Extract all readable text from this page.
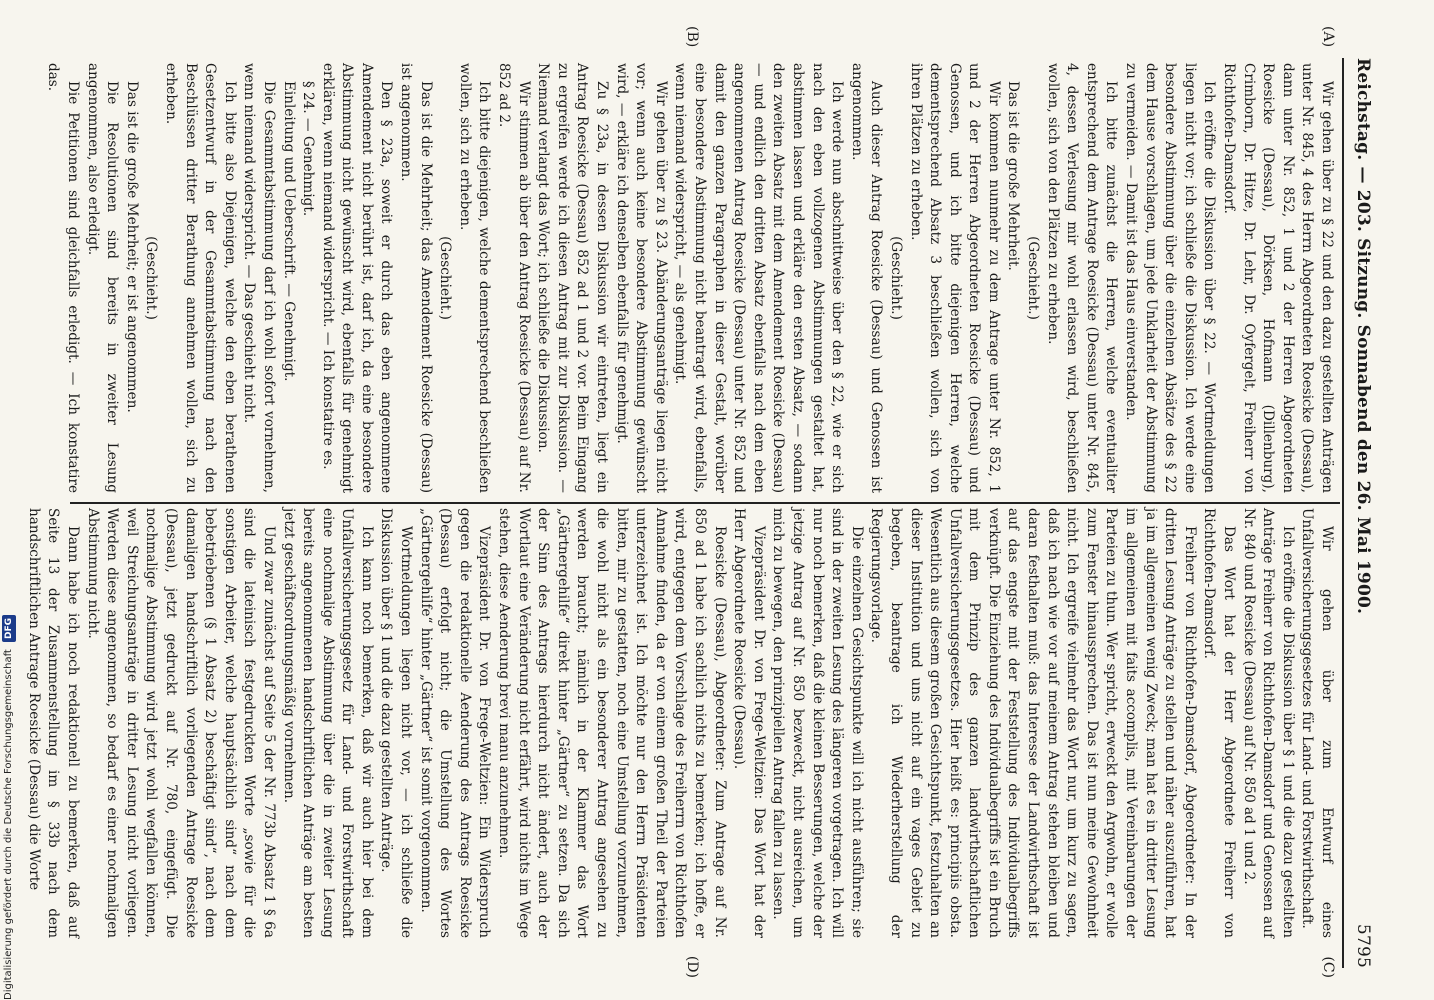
Reichstag. — 203. Sitzung. Sonnabend den 26. Mai 1900.
5795
(A)
(B)
(C)
(D)

Wir gehen über zu § 22 und den dazu gestellten Anträgen unter Nr. 845, 4 des Herrn Abgeordneten Roesicke (Dessau), dann unter Nr. 852, 1 und 2 der Herren Abgeordneten Roesicke (Dessau), Dörksen, Hofmann (Dillenburg), Crimborn, Dr. Hitze, Dr. Lehr, Dr. Oyfergelt, Freiherr von Richthofen-Damsdorf.

Ich eröffne die Diskussion über § 22. — Wortmeldungen liegen nicht vor; ich schließe die Diskussion. Ich werde eine besondere Abstimmung über die einzelnen Absätze des § 22 dem Hause vorschlagen, um jede Unklarheit der Abstimmung zu vermeiden. — Damit ist das Haus einverstanden.

Ich bitte zunächst die Herren, welche eventualiter entsprechend dem Antrage Roesicke (Dessau) unter Nr. 845, 4, dessen Verlesung mir wohl erlassen wird, beschließen wollen, sich von den Plätzen zu erheben.

(Geschieht.)

Das ist die große Mehrheit.

Wir kommen nunmehr zu dem Antrage unter Nr. 852, 1 und 2 der Herren Abgeordneten Roesicke (Dessau) und Genossen, und ich bitte diejenigen Herren, welche dementsprechend Absatz 3 beschließen wollen, sich von ihren Plätzen zu erheben.

(Geschieht.)

Auch dieser Antrag Roesicke (Dessau) und Genossen ist angenommen.

Ich werde nun abschnittweise über den § 22, wie er sich nach den eben vollzogenen Abstimmungen gestaltet hat, abstimmen lassen und erkläre den ersten Absatz, — sodann den zweiten Absatz mit dem Amendement Roesicke (Dessau) — und endlich den dritten Absatz ebenfalls nach dem eben angenommenen Antrag Roesicke (Dessau) unter Nr. 852 und damit den ganzen Paragraphen in dieser Gestalt, worüber eine besondere Abstimmung nicht beantragt wird, ebenfalls, wenn niemand widerspricht, — als genehmigt.

Wir gehen über zu § 23. Abänderungsanträge liegen nicht vor; wenn auch keine besondere Abstimmung gewünscht wird, — erkläre ich denselben ebenfalls für genehmigt.

Zu § 23a, in dessen Diskussion wir eintreten, liegt ein Antrag Roesicke (Dessau) 852 ad 1 und 2 vor. Beim Eingang zu ergreifen werde ich diesen Antrag mit zur Diskussion. — Niemand verlangt das Wort; ich schließe die Diskussion.

Wir stimmen ab über den Antrag Roesicke (Dessau) auf Nr. 852 ad 2.

Ich bitte diejenigen, welche dementsprechend beschließen wollen, sich zu erheben.

(Geschieht.)

Das ist die Mehrheit; das Amendement Roesicke (Dessau) ist angenommen.

Den § 23a, soweit er durch das eben angenommene Amendement nicht berührt ist, darf ich, da eine besondere Abstimmung nicht gewünscht wird, ebenfalls für genehmigt erklären, wenn niemand widerspricht. — Ich konstatire es.

§ 24. — Genehmigt.

Einleitung und Ueberschrift. — Genehmigt.

Die Gesammtabstimmung darf ich wohl sofort vornehmen, wenn niemand widerspricht. — Das geschieht nicht.

Ich bitte also Diejenigen, welche den eben berathenen Gesetzentwurf in der Gesammtabstimmung nach den Beschlüssen dritter Berathung annehmen wollen, sich zu erheben.

(Geschieht.)

Das ist die große Mehrheit; er ist angenommen.

Die Resolutionen sind bereits in zweiter Lesung angenommen, also erledigt.

Die Petitionen sind gleichfalls erledigt. — Ich konstatire das.

Wir gehen über zum Entwurf eines Unfallversicherungsgesetzes für Land- und Forstwirthschaft.

Ich eröffne die Diskussion über § 1 und die dazu gestellten Anträge Freiherr von Richthofen-Damsdorf und Genossen auf Nr. 840 und Roesicke (Dessau) auf Nr. 850 ad 1 und 2.

Das Wort hat der Herr Abgeordnete Freiherr von Richthofen-Damsdorf.

Freiherr von Richthofen-Damsdorf, Abgeordneter: In der dritten Lesung Anträge zu stellen und näher auszuführen, hat ja im allgemeinen wenig Zweck; man hat es in dritter Lesung im allgemeinen mit faits accomplis, mit Vereinbarungen der Parteien zu thun. Wer spricht, erweckt den Argwohn, er wolle zum Fenster hinaussprechen. Das ist nun meine Gewohnheit nicht. Ich ergreife vielmehr das Wort nur, um kurz zu sagen, daß ich nach wie vor auf meinem Antrag stehen bleiben und daran festhalten muß: das Interesse der Landwirthschaft ist auf das engste mit der Feststellung des Individualbegriffs verknüpft. Die Einziehung des Individualbegriffs ist ein Bruch mit dem Prinzip des ganzen landwirthschaftlichen Unfallversicherungsgesetzes. Hier heißt es: principiis obsta. Wesentlich aus diesem großen Gesichtspunkt, festzuhalten an dieser Institution und uns nicht auf ein vages Gebiet zu begeben, beantrage ich Wiederherstellung der Regierungsvorlage.

Die einzelnen Gesichtspunkte will ich nicht ausführen; sie sind in der zweiten Lesung des längeren vorgetragen. Ich will nur noch bemerken, daß die kleinen Besserungen, welche der jetzige Antrag auf Nr. 850 bezweckt, nicht ausreichen, um mich zu bewegen, den prinzipiellen Antrag fallen zu lassen.

Vizepräsident Dr. von Frege-Weltzien: Das Wort hat der Herr Abgeordnete Roesicke (Dessau).

Roesicke (Dessau), Abgeordneter: Zum Antrage auf Nr. 850 ad 1 habe ich sachlich nichts zu bemerken; ich hoffe, er wird, entgegen dem Vorschlage des Freiherrn von Richthofen Annahme finden, da er von einem großen Theil der Parteien unterzeichnet ist. Ich möchte nur den Herrn Präsidenten bitten, mir zu gestatten, noch eine Umstellung vorzunehmen, die wohl nicht als ein besonderer Antrag angesehen zu werden braucht; nämlich in der Klammer das Wort „Gärtnergehilfe“ direkt hinter „Gärtner“ zu setzen. Da sich der Sinn des Antrags hierdurch nicht ändert, auch der Wortlaut eine Veränderung nicht erfährt, wird nichts im Wege stehen, diese Aenderung brevi manu anzunehmen.

Vizepräsident Dr. von Frege-Weltzien: Ein Widerspruch gegen die redaktionelle Aenderung des Antrags Roesicke (Dessau) erfolgt nicht; die Umstellung des Wortes „Gärtnergehilfe“ hinter „Gärtner“ ist somit vorgenommen.

Wortmeldungen liegen nicht vor, — ich schließe die Diskussion über § 1 und die dazu gestellten Anträge.

Ich kann noch bemerken, daß wir auch hier bei dem Unfallversicherungsgesetz für Land- und Forstwirthschaft eine nochmalige Abstimmung über die in zweiter Lesung bereits angenommenen handschriftlichen Anträge am besten jetzt geschäftsordnungsmäßig vornehmen.

Und zwar zunächst auf Seite 5 der Nr. 773b Absatz 1 § 6a sind die lateinisch festgedruckten Worte „sowie für die sonstigen Arbeiter, welche hauptsächlich sind“ nach dem bebetriebenen (§ 1 Absatz 2) beschäftigt sind“, nach dem damaligen handschriftlich vorliegenden Antrage Roesicke (Dessau), jetzt gedruckt auf Nr. 780, eingefügt. Die nochmalige Abstimmung wird jetzt wohl wegfallen können, weil Streichungsanträge in dritter Lesung nicht vorliegen. Werden diese angenommen, so bedarf es einer nochmaligen Abstimmung nicht.

Dann habe ich noch redaktionell zu bemerken, daß auf Seite 13 der Zusammenstellung im § 33b nach dem handschriftlichen Antrage Roesicke (Dessau) die Worte

Digitalisierung gefördert durch die Deutsche Forschungsgemeinschaft DFG
